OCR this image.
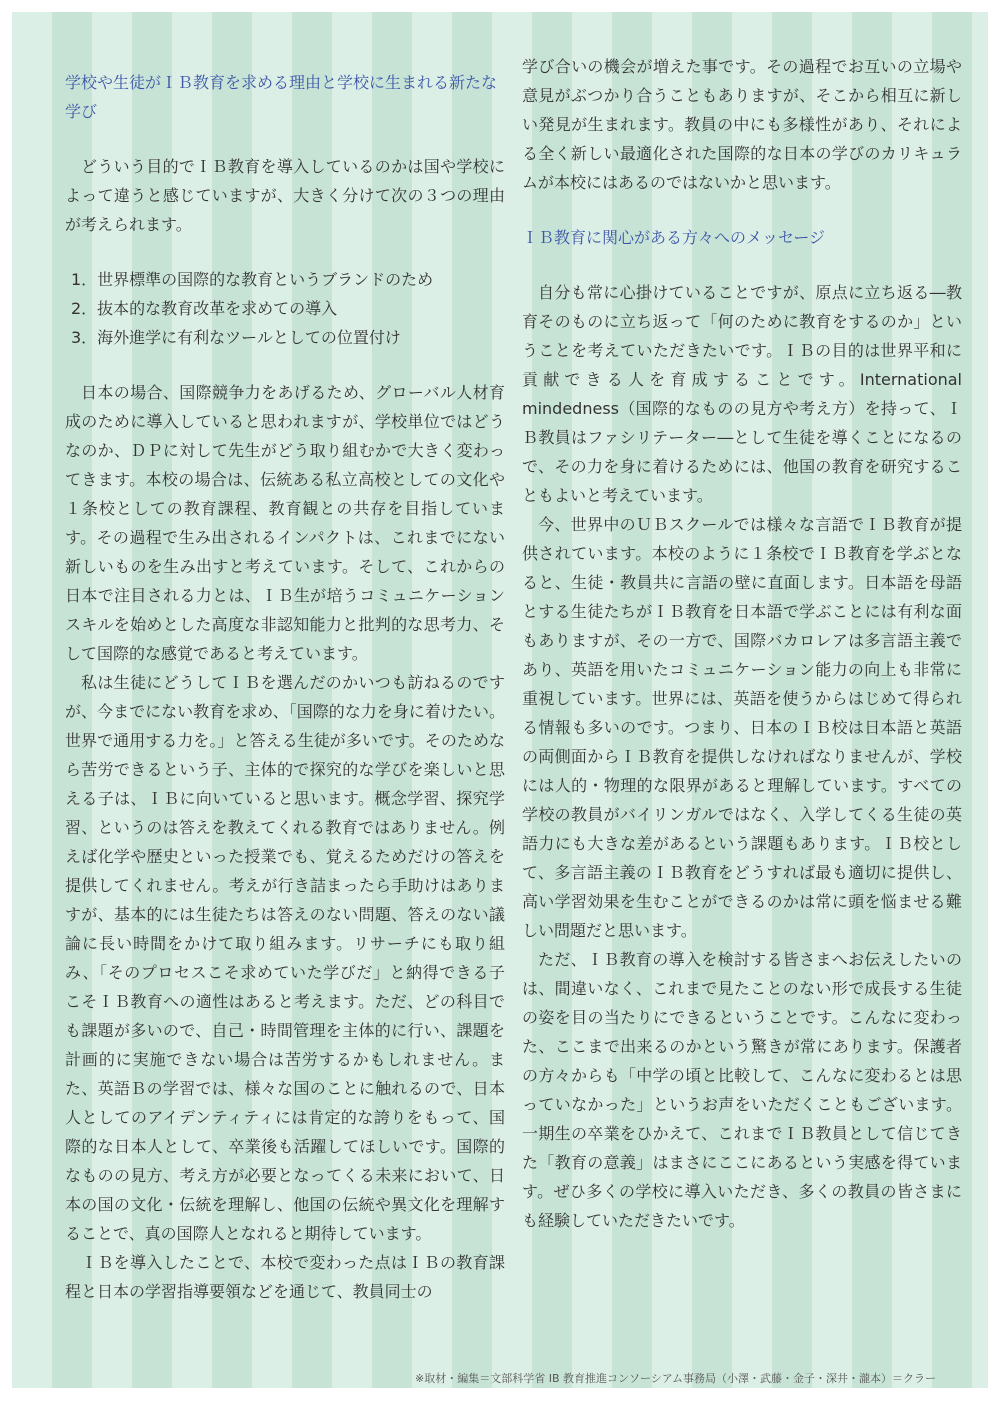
学校や生徒がＩＢ教育を求める理由と学校に生まれる新たな学び

どういう目的でＩＢ教育を導入しているのかは国や学校によって違うと感じていますが、大きく分けて次の３つの理由が考えられます。

1．世界標準の国際的な教育というブランドのため
2．抜本的な教育改革を求めての導入
3．海外進学に有利なツールとしての位置付け

日本の場合、国際競争力をあげるため、グローバル人材育成のために導入していると思われますが、学校単位ではどうなのか、ＤＰに対して先生がどう取り組むかで大きく変わってきます。本校の場合は、伝統ある私立高校としての文化や１条校としての教育課程、教育観との共存を目指しています。その過程で生み出されるインパクトは、これまでにない新しいものを生み出すと考えています。そして、これからの日本で注目される力とは、ＩＢ生が培うコミュニケーションスキルを始めとした高度な非認知能力と批判的な思考力、そして国際的な感覚であると考えています。

私は生徒にどうしてＩＢを選んだのかいつも訪ねるのですが、今までにない教育を求め、「国際的な力を身に着けたい。世界で通用する力を。」と答える生徒が多いです。そのためなら苦労できるという子、主体的で探究的な学びを楽しいと思える子は、ＩＢに向いていると思います。概念学習、探究学習、というのは答えを教えてくれる教育ではありません。例えば化学や歴史といった授業でも、覚えるためだけの答えを提供してくれません。考えが行き詰まったら手助けはありますが、基本的には生徒たちは答えのない問題、答えのない議論に長い時間をかけて取り組みます。リサーチにも取り組み、「そのプロセスこそ求めていた学びだ」と納得できる子こそＩＢ教育への適性はあると考えます。ただ、どの科目でも課題が多いので、自己・時間管理を主体的に行い、課題を計画的に実施できない場合は苦労するかもしれません。また、英語Ｂの学習では、様々な国のことに触れるので、日本人としてのアイデンティティには肯定的な誇りをもって、国際的な日本人として、卒業後も活躍してほしいです。国際的なものの見方、考え方が必要となってくる未来において、日本の国の文化・伝統を理解し、他国の伝統や異文化を理解することで、真の国際人となれると期待しています。

ＩＢを導入したことで、本校で変わった点はＩＢの教育課程と日本の学習指導要領などを通じて、教員同士の

学び合いの機会が増えた事です。その過程でお互いの立場や意見がぶつかり合うこともありますが、そこから相互に新しい発見が生まれます。教員の中にも多様性があり、それによる全く新しい最適化された国際的な日本の学びのカリキュラムが本校にはあるのではないかと思います。

ＩＢ教育に関心がある方々へのメッセージ

自分も常に心掛けていることですが、原点に立ち返る―教育そのものに立ち返って「何のために教育をするのか」ということを考えていただきたいです。ＩＢの目的は世界平和に貢献できる人を育成することです。International mindedness（国際的なものの見方や考え方）を持って、ＩＢ教員はファシリテーター―として生徒を導くことになるので、その力を身に着けるためには、他国の教育を研究することもよいと考えています。

今、世界中のＵＢスクールでは様々な言語でＩＢ教育が提供されています。本校のように１条校でＩＢ教育を学ぶとなると、生徒・教員共に言語の壁に直面します。日本語を母語とする生徒たちがＩＢ教育を日本語で学ぶことには有利な面もありますが、その一方で、国際バカロレアは多言語主義であり、英語を用いたコミュニケーション能力の向上も非常に重視しています。世界には、英語を使うからはじめて得られる情報も多いのです。つまり、日本のＩＢ校は日本語と英語の両側面からＩＢ教育を提供しなければなりませんが、学校には人的・物理的な限界があると理解しています。すべての学校の教員がバイリンガルではなく、入学してくる生徒の英語力にも大きな差があるという課題もあります。ＩＢ校として、多言語主義のＩＢ教育をどうすれば最も適切に提供し、高い学習効果を生むことができるのかは常に頭を悩ませる難しい問題だと思います。

ただ、ＩＢ教育の導入を検討する皆さまへお伝えしたいのは、間違いなく、これまで見たことのない形で成長する生徒の姿を目の当たりにできるということです。こんなに変わった、ここまで出来るのかという驚きが常にあります。保護者の方々からも「中学の頃と比較して、こんなに変わるとは思っていなかった」というお声をいただくこともございます。一期生の卒業をひかえて、これまでＩＢ教員として信じてきた「教育の意義」はまさにここにあるという実感を得ています。ぜひ多くの学校に導入いただき、多くの教員の皆さまにも経験していただきたいです。

※取材・編集＝文部科学省 IB 教育推進コンソーシアム事務局（小澤・武藤・金子・深井・瀧本）＝クラー
